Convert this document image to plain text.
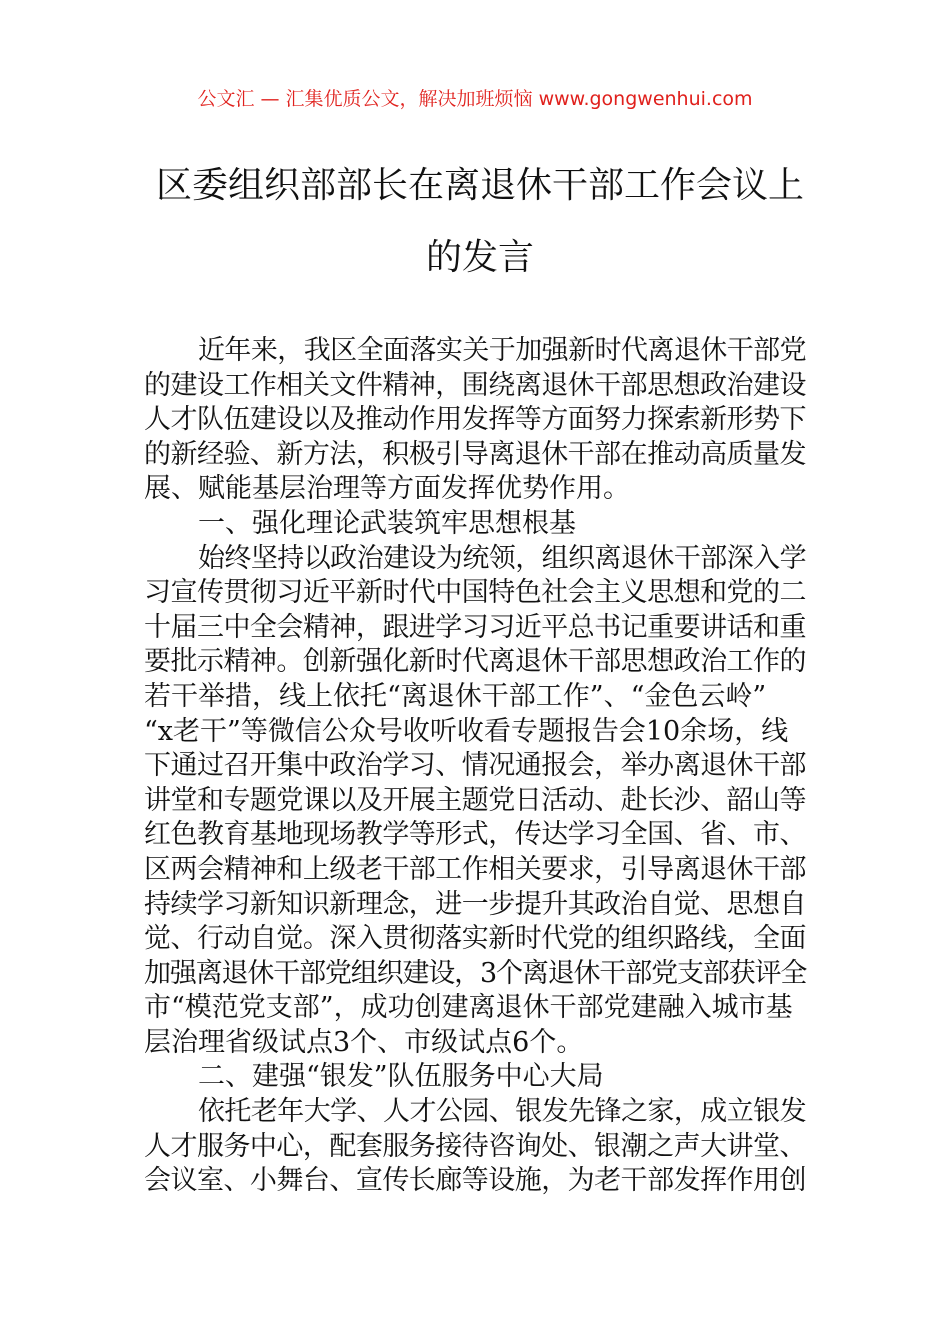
公文汇 — 汇集优质公文，解决加班烦恼 www.gongwenhui.com
区委组织部部长在离退休干部工作会议上
的发言
近年来，我区全面落实关于加强新时代离退休干部党
的建设工作相关文件精神，围绕离退休干部思想政治建设
人才队伍建设以及推动作用发挥等方面努力探索新形势下
的新经验、新方法，积极引导离退休干部在推动高质量发
展、赋能基层治理等方面发挥优势作用。
一、强化理论武装筑牢思想根基
始终坚持以政治建设为统领，组织离退休干部深入学
习宣传贯彻习近平新时代中国特色社会主义思想和党的二
十届三中全会精神，跟进学习习近平总书记重要讲话和重
要批示精神。创新强化新时代离退休干部思想政治工作的
若干举措，线上依托“离退休干部工作”、“金色云岭”
“x老干”等微信公众号收听收看专题报告会10余场，线
下通过召开集中政治学习、情况通报会，举办离退休干部
讲堂和专题党课以及开展主题党日活动、赴长沙、韶山等
红色教育基地现场教学等形式，传达学习全国、省、市、
区两会精神和上级老干部工作相关要求，引导离退休干部
持续学习新知识新理念，进一步提升其政治自觉、思想自
觉、行动自觉。深入贯彻落实新时代党的组织路线，全面
加强离退休干部党组织建设，3个离退休干部党支部获评全
市“模范党支部”，成功创建离退休干部党建融入城市基
层治理省级试点3个、市级试点6个。
二、建强“银发”队伍服务中心大局
依托老年大学、人才公园、银发先锋之家，成立银发
人才服务中心，配套服务接待咨询处、银潮之声大讲堂、
会议室、小舞台、宣传长廊等设施，为老干部发挥作用创
